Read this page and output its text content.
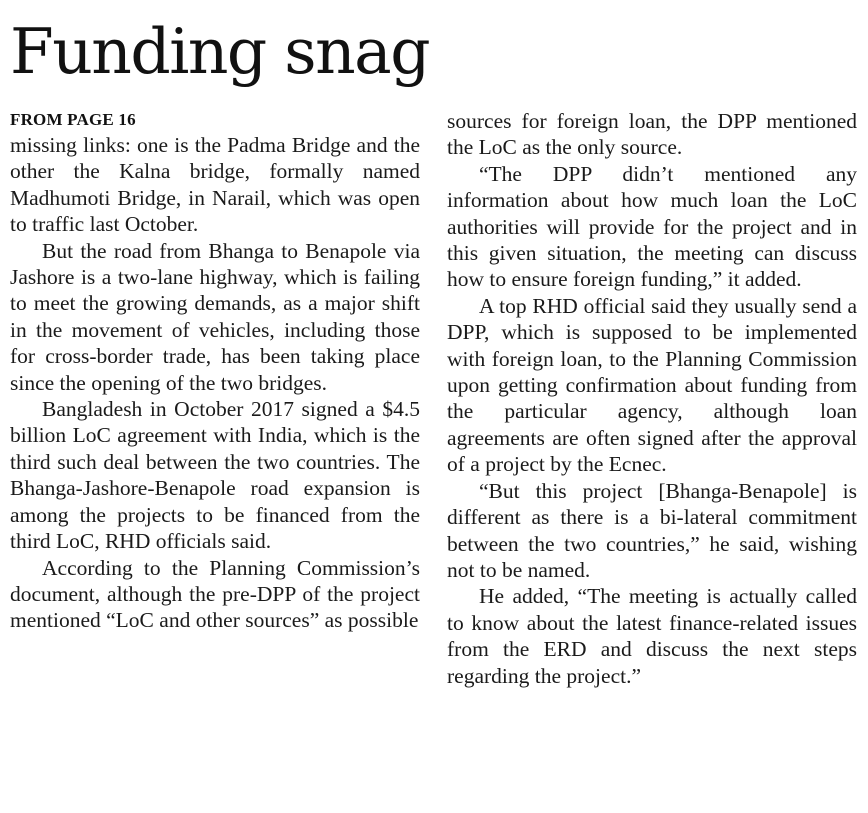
Funding snag
FROM PAGE 16

missing links: one is the Padma Bridge and the other the Kalna bridge, formally named Madhumoti Bridge, in Narail, which was open to traffic last October.

But the road from Bhanga to Benapole via Jashore is a two-lane highway, which is failing to meet the growing demands, as a major shift in the movement of vehicles, including those for cross-border trade, has been taking place since the opening of the two bridges.

Bangladesh in October 2017 signed a $4.5 billion LoC agreement with India, which is the third such deal between the two countries. The Bhanga-Jashore-Benapole road expansion is among the projects to be financed from the third LoC, RHD officials said.

According to the Planning Commission’s document, although the pre-DPP of the project mentioned “LoC and other sources” as possible

sources for foreign loan, the DPP mentioned the LoC as the only source.

“The DPP didn’t mentioned any information about how much loan the LoC authorities will provide for the project and in this given situation, the meeting can discuss how to ensure foreign funding,” it added.

A top RHD official said they usually send a DPP, which is supposed to be implemented with foreign loan, to the Planning Commission upon getting confirmation about funding from the particular agency, although loan agreements are often signed after the approval of a project by the Ecnec.

“But this project [Bhanga-Benapole] is different as there is a bi-lateral commitment between the two countries,” he said, wishing not to be named.

He added, “The meeting is actually called to know about the latest finance-related issues from the ERD and discuss the next steps regarding the project.”
